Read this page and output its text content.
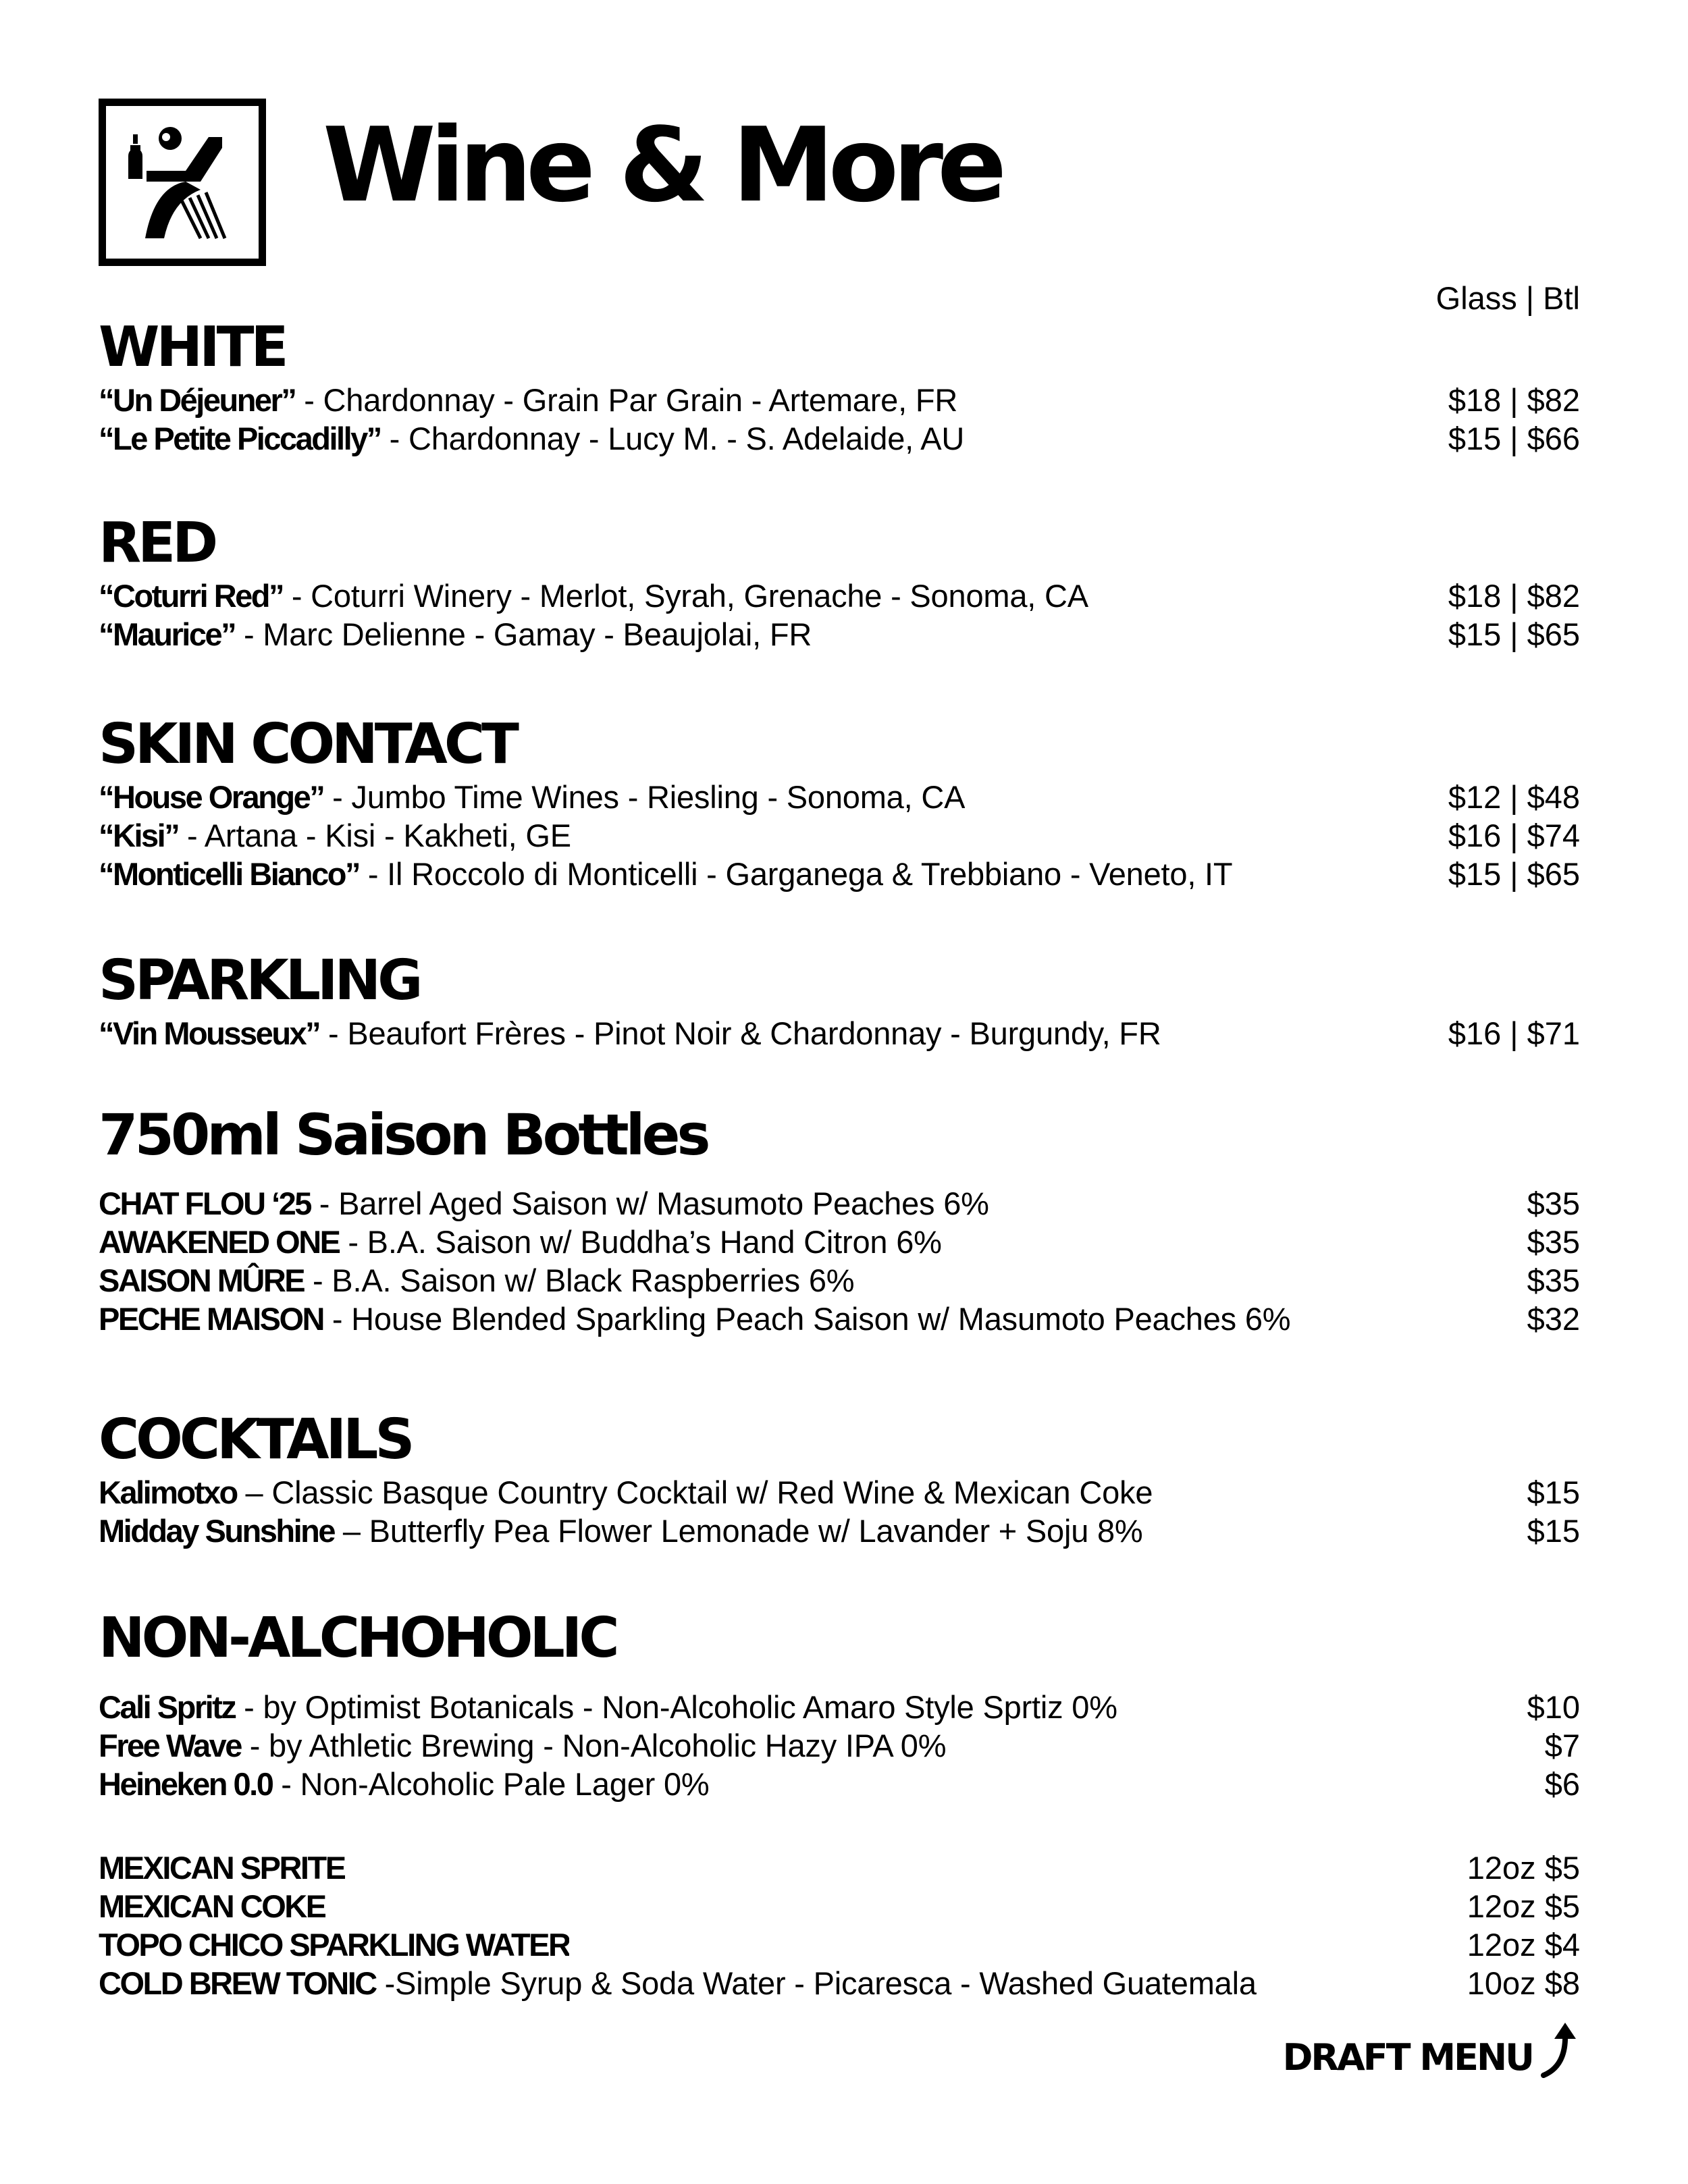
Wine & More
Glass | Btl
WHITE
“Un Déjeuner” - Chardonnay - Grain Par Grain - Artemare, FR	$18 | $82
“Le Petite Piccadilly” - Chardonnay - Lucy M. - S. Adelaide, AU	$15 | $66
RED
“Coturri Red” - Coturri Winery - Merlot, Syrah, Grenache - Sonoma, CA	$18 | $82
“Maurice” - Marc Delienne - Gamay - Beaujolai, FR	$15 | $65
SKIN CONTACT
“House Orange” - Jumbo Time Wines - Riesling - Sonoma, CA	$12 | $48
“Kisi” - Artana - Kisi - Kakheti, GE	$16 | $74
“Monticelli Bianco” - Il Roccolo di Monticelli - Garganega & Trebbiano - Veneto, IT	$15 | $65
SPARKLING
“Vin Mousseux” - Beaufort Frères - Pinot Noir & Chardonnay - Burgundy, FR	$16 | $71
750ml Saison Bottles
CHAT FLOU ‘25 - Barrel Aged Saison w/ Masumoto Peaches 6%	$35
AWAKENED ONE - B.A. Saison w/ Buddha’s Hand Citron 6%	$35
SAISON MÛRE - B.A. Saison w/ Black Raspberries 6%	$35
PECHE MAISON - House Blended Sparkling Peach Saison w/ Masumoto Peaches 6%	$32
COCKTAILS
Kalimotxo – Classic Basque Country Cocktail w/ Red Wine & Mexican Coke	$15
Midday Sunshine – Butterfly Pea Flower Lemonade w/ Lavander + Soju 8%	$15
NON-ALCHOHOLIC
Cali Spritz - by Optimist Botanicals - Non-Alcoholic Amaro Style Sprtiz 0%	$10
Free Wave - by Athletic Brewing - Non-Alcoholic Hazy IPA 0%	$7
Heineken 0.0 - Non-Alcoholic Pale Lager 0%	$6
MEXICAN SPRITE	12oz $5
MEXICAN COKE	12oz $5
TOPO CHICO SPARKLING WATER	12oz $4
COLD BREW TONIC -Simple Syrup & Soda Water - Picaresca - Washed Guatemala	10oz $8
DRAFT MENU
